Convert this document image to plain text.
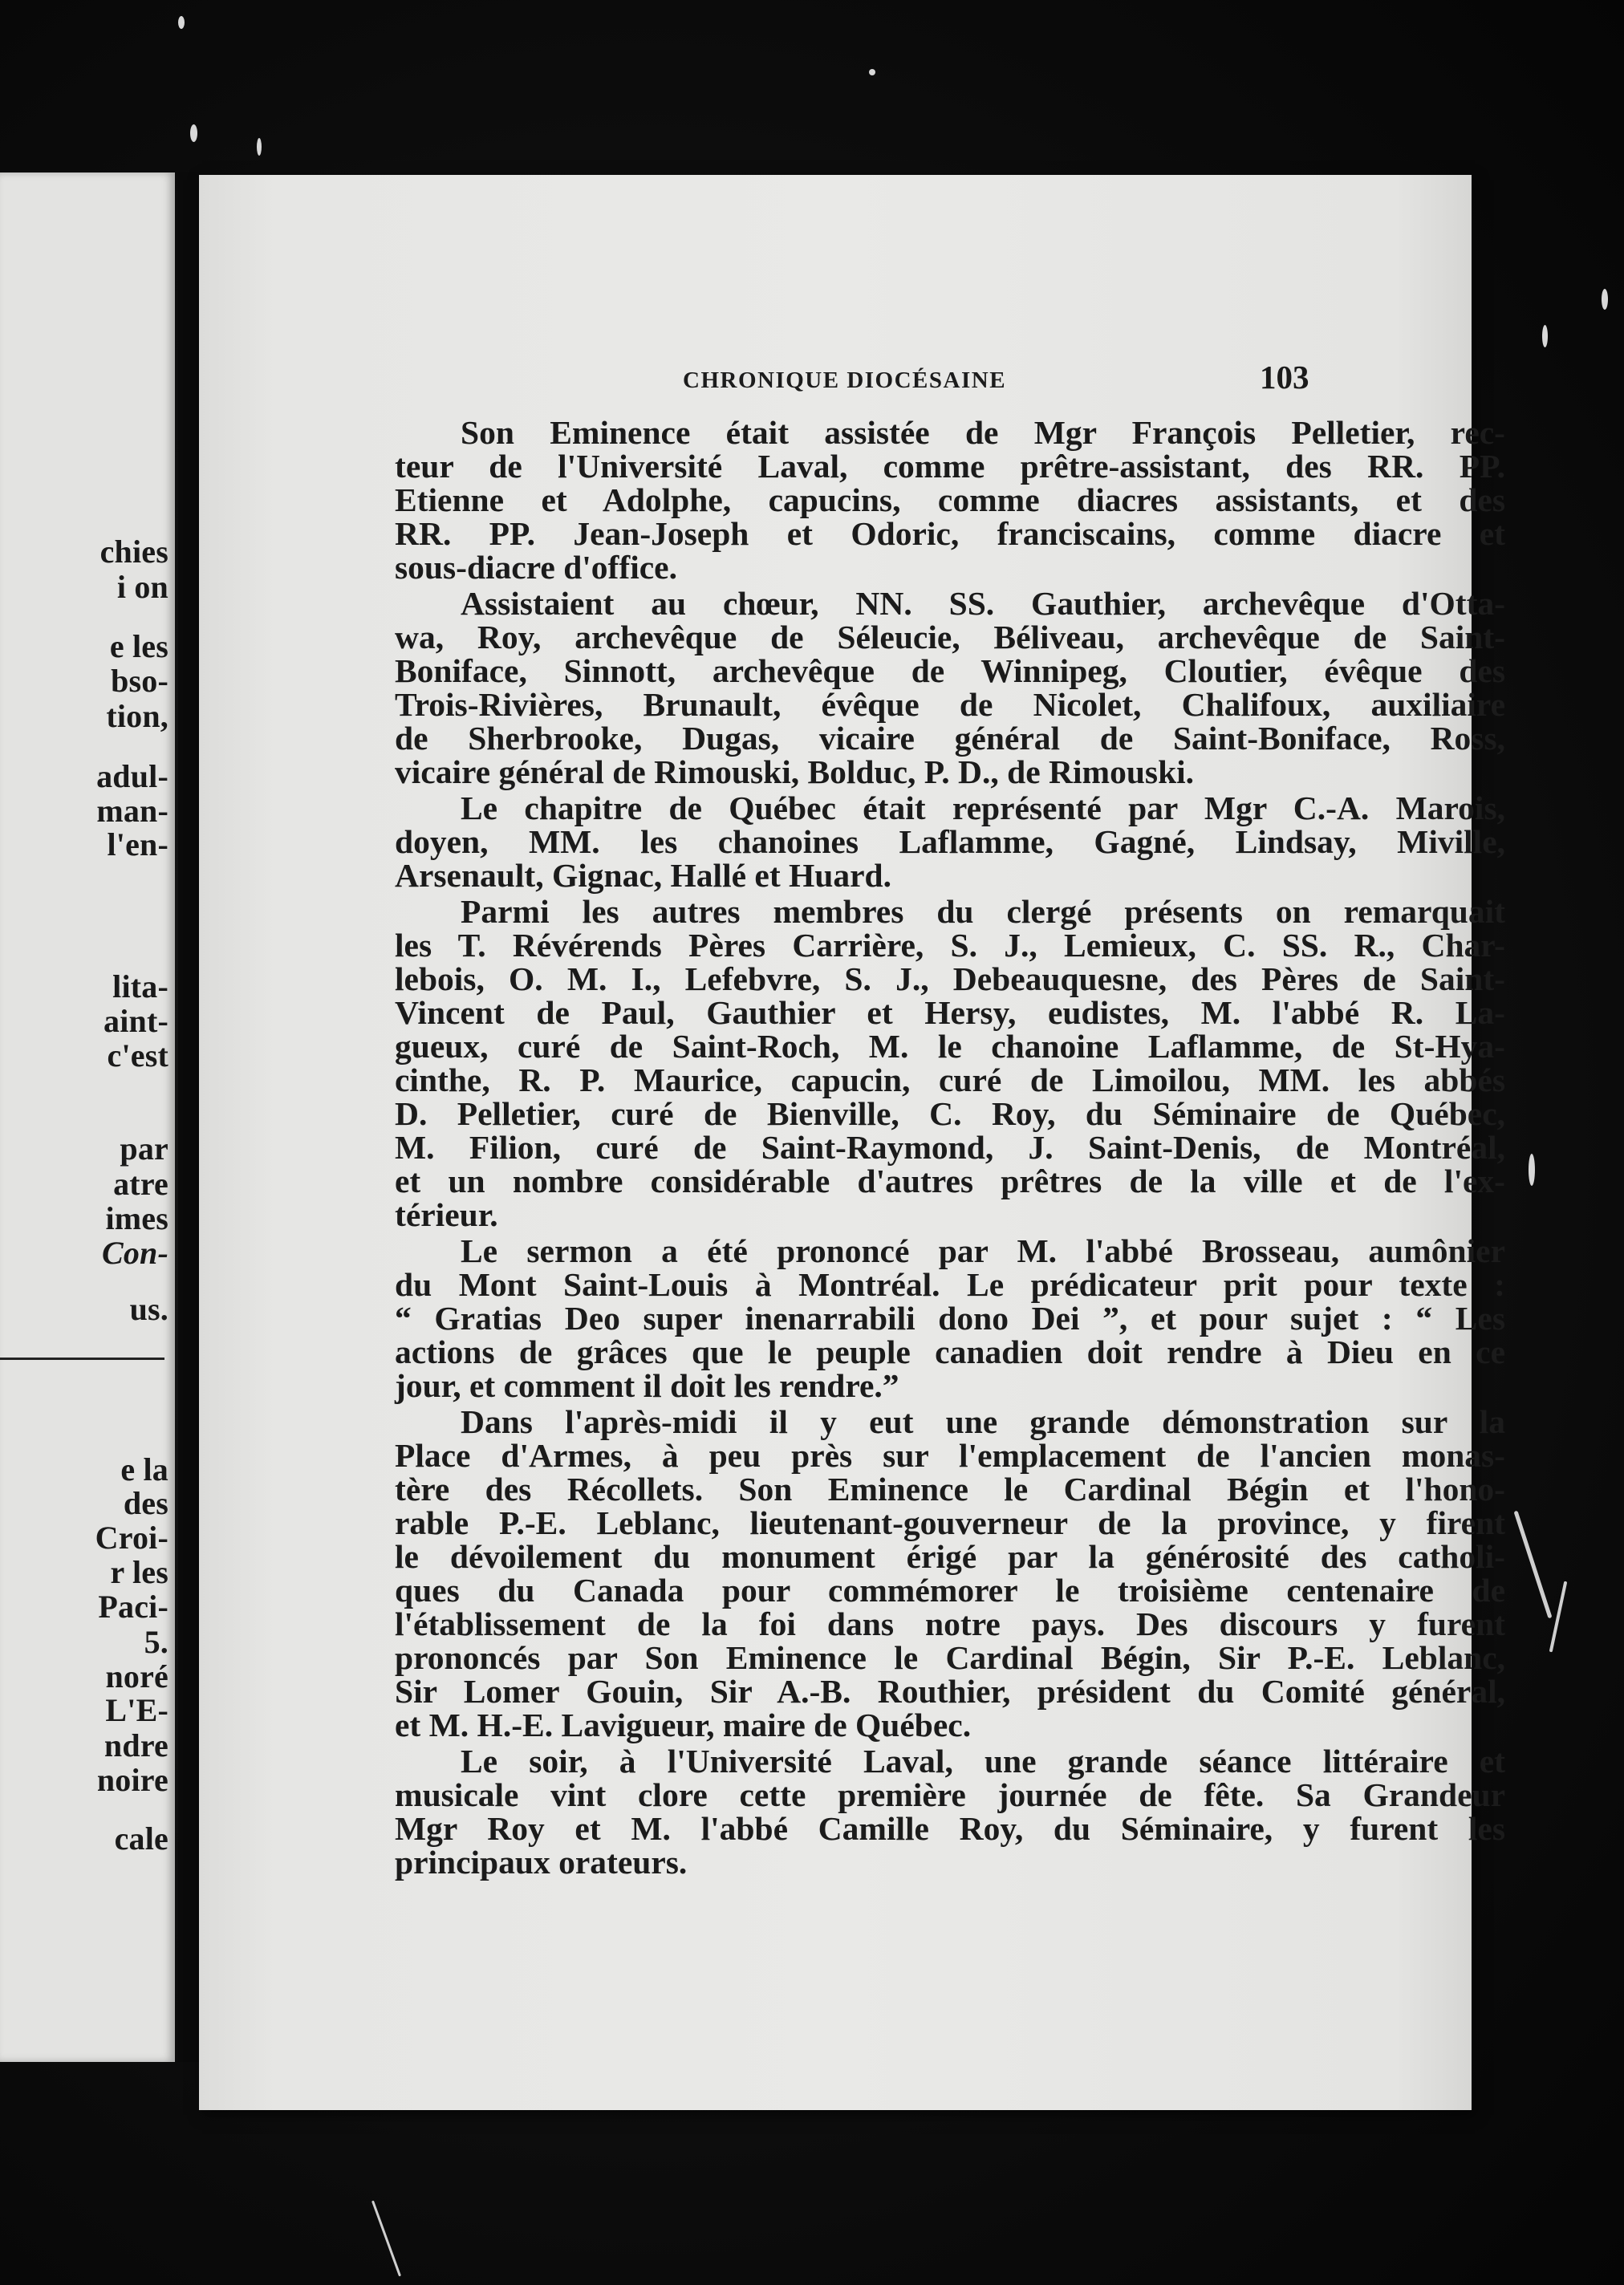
chies
i on
e les
bso-
tion,
adul-
man-
l'en-
lita-
aint-
c'est
par
atre
imes
Con-
us.
e la
des
Croi-
r les
Paci-
5.
noré
L'E-
ndre
noire
cale
CHRONIQUE DIOCÉSAINE	103
Son Eminence était assistée de Mgr François Pelletier, rec-
teur de l'Université Laval, comme prêtre-assistant, des RR. PP.
Etienne et Adolphe, capucins, comme diacres assistants, et des
RR. PP. Jean-Joseph et Odoric, franciscains, comme diacre et
sous-diacre d'office.
Assistaient au chœur, NN. SS. Gauthier, archevêque d'Otta-
wa, Roy, archevêque de Séleucie, Béliveau, archevêque de Saint-
Boniface, Sinnott, archevêque de Winnipeg, Cloutier, évêque des
Trois-Rivières, Brunault, évêque de Nicolet, Chalifoux, auxiliaire
de Sherbrooke, Dugas, vicaire général de Saint-Boniface, Ross,
vicaire général de Rimouski, Bolduc, P. D., de Rimouski.
Le chapitre de Québec était représenté par Mgr C.-A. Marois,
doyen, MM. les chanoines Laflamme, Gagné, Lindsay, Miville,
Arsenault, Gignac, Hallé et Huard.
Parmi les autres membres du clergé présents on remarquait
les T. Révérends Pères Carrière, S. J., Lemieux, C. SS. R., Char-
lebois, O. M. I., Lefebvre, S. J., Debeauquesne, des Pères de Saint-
Vincent de Paul, Gauthier et Hersy, eudistes, M. l'abbé R. La-
gueux, curé de Saint-Roch, M. le chanoine Laflamme, de St-Hya-
cinthe, R. P. Maurice, capucin, curé de Limoilou, MM. les abbés
D. Pelletier, curé de Bienville, C. Roy, du Séminaire de Québec,
M. Filion, curé de Saint-Raymond, J. Saint-Denis, de Montréal,
et un nombre considérable d'autres prêtres de la ville et de l'ex-
térieur.
Le sermon a été prononcé par M. l'abbé Brosseau, aumônier
du Mont Saint-Louis à Montréal. Le prédicateur prit pour texte :
“ Gratias Deo super inenarrabili dono Dei ”, et pour sujet : “ Les
actions de grâces que le peuple canadien doit rendre à Dieu en ce
jour, et comment il doit les rendre.”
Dans l'après-midi il y eut une grande démonstration sur la
Place d'Armes, à peu près sur l'emplacement de l'ancien monas-
tère des Récollets. Son Eminence le Cardinal Bégin et l'hono-
rable P.-E. Leblanc, lieutenant-gouverneur de la province, y firent
le dévoilement du monument érigé par la générosité des catholi-
ques du Canada pour commémorer le troisième centenaire de
l'établissement de la foi dans notre pays. Des discours y furent
prononcés par Son Eminence le Cardinal Bégin, Sir P.-E. Leblanc,
Sir Lomer Gouin, Sir A.-B. Routhier, président du Comité général,
et M. H.-E. Lavigueur, maire de Québec.
Le soir, à l'Université Laval, une grande séance littéraire et
musicale vint clore cette première journée de fête. Sa Grandeur
Mgr Roy et M. l'abbé Camille Roy, du Séminaire, y furent les
principaux orateurs.
